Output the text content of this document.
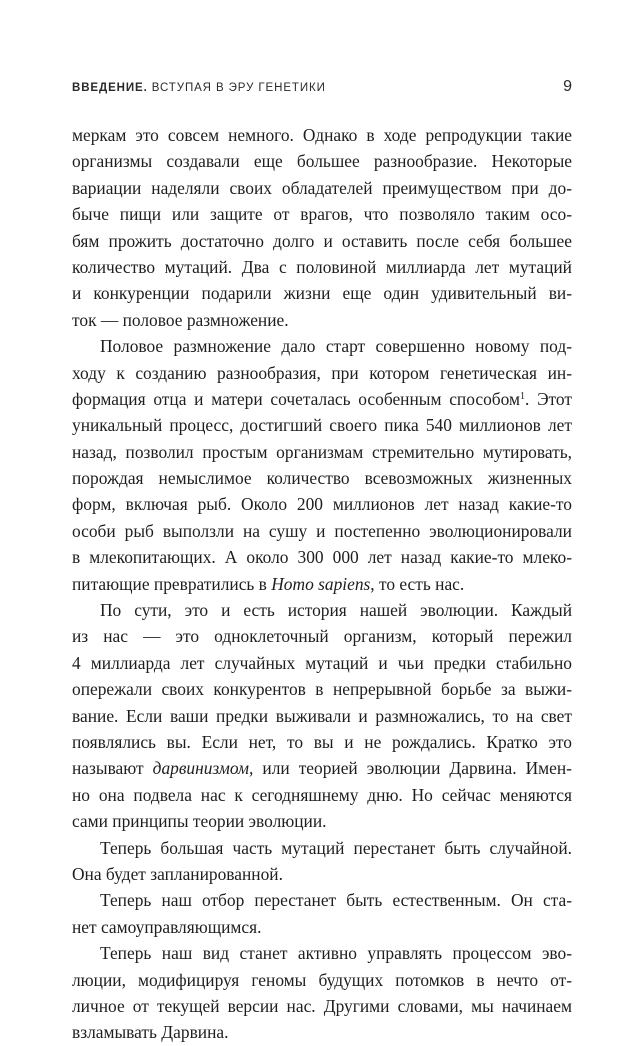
ВВЕДЕНИЕ. ВСТУПАЯ В ЭРУ ГЕНЕТИКИ	9
меркам это совсем немного. Однако в ходе репродукции такие
организмы создавали еще большее разнообразие. Некоторые
вариации наделяли своих обладателей преимуществом при до-
быче пищи или защите от врагов, что позволяло таким осо-
бям прожить достаточно долго и оставить после себя большее
количество мутаций. Два с половиной миллиарда лет мутаций
и конкуренции подарили жизни еще один удивительный ви-
ток — половое размножение.
Половое размножение дало старт совершенно новому под-
ходу к созданию разнообразия, при котором генетическая ин-
формация отца и матери сочеталась особенным способом$^1$. Этот
уникальный процесс, достигший своего пика 540 миллионов лет
назад, позволил простым организмам стремительно мутировать,
порождая немыслимое количество всевозможных жизненных
форм, включая рыб. Около 200 миллионов лет назад какие-то
особи рыб выползли на сушу и постепенно эволюционировали
в млекопитающих. А около 300 000 лет назад какие-то млеко-
питающие превратились в Homo sapiens, то есть нас.
По сути, это и есть история нашей эволюции. Каждый
из нас — это одноклеточный организм, который пережил
4 миллиарда лет случайных мутаций и чьи предки стабильно
опережали своих конкурентов в непрерывной борьбе за выжи-
вание. Если ваши предки выживали и размножались, то на свет
появлялись вы. Если нет, то вы и не рождались. Кратко это
называют дарвинизмом, или теорией эволюции Дарвина. Имен-
но она подвела нас к сегодняшнему дню. Но сейчас меняются
сами принципы теории эволюции.
Теперь большая часть мутаций перестанет быть случайной.
Она будет запланированной.
Теперь наш отбор перестанет быть естественным. Он ста-
нет самоуправляющимся.
Теперь наш вид станет активно управлять процессом эво-
люции, модифицируя геномы будущих потомков в нечто от-
личное от текущей версии нас. Другими словами, мы начинаем
взламывать Дарвина.
